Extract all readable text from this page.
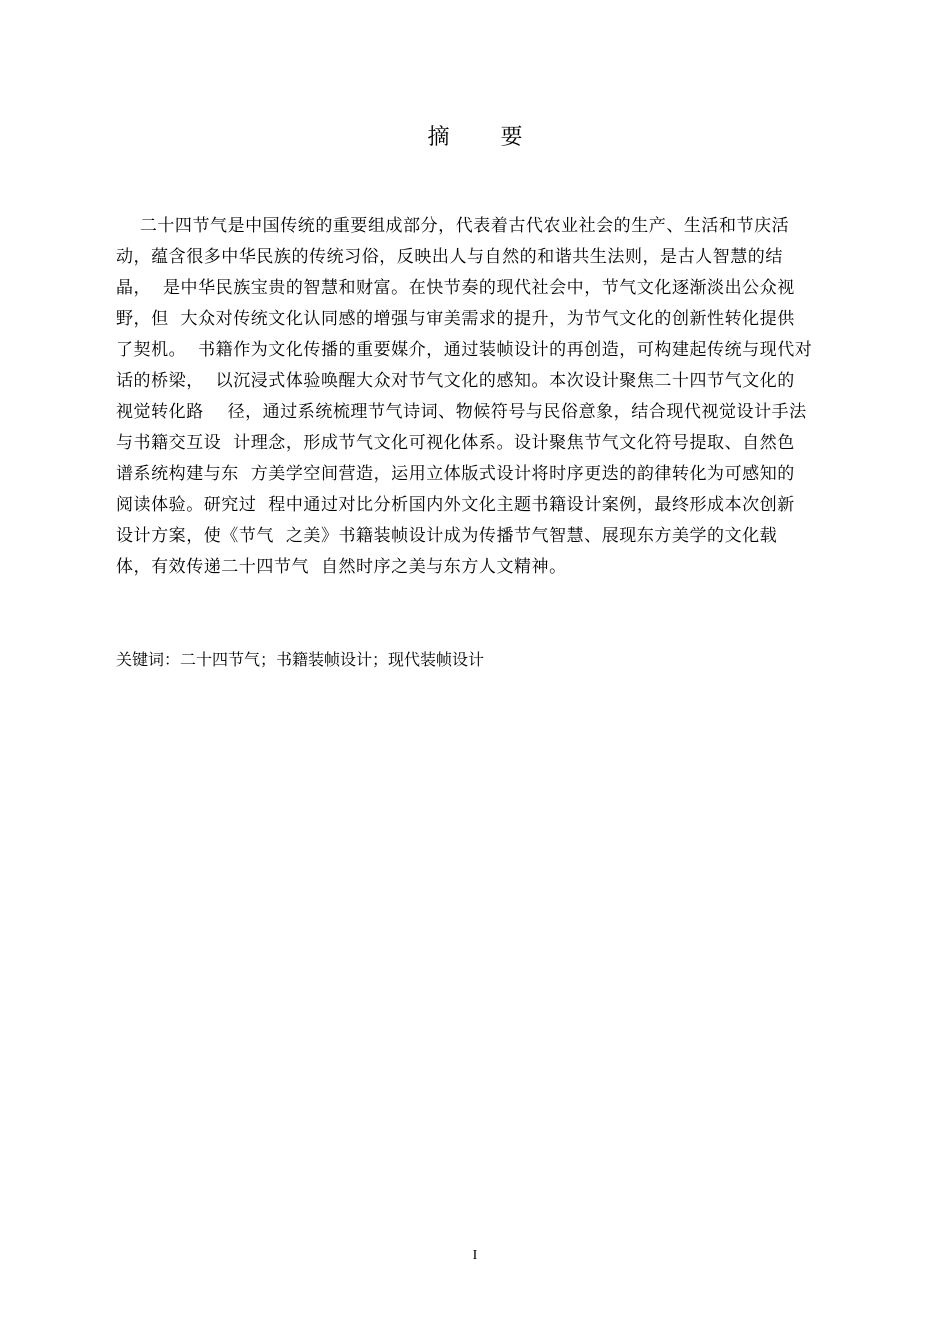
摘 要
二十四节气是中国传统的重要组成部分，代表着古代农业社会的生产、生活和节庆活
动，蕴含很多中华民族的传统习俗，反映出人与自然的和谐共生法则，是古人智慧的结
晶，  是中华民族宝贵的智慧和财富。在快节奏的现代社会中，节气文化逐渐淡出公众视
野，但  大众对传统文化认同感的增强与审美需求的提升，为节气文化的创新性转化提供
了契机。  书籍作为文化传播的重要媒介，通过装帧设计的再创造，可构建起传统与现代对
话的桥梁，  以沉浸式体验唤醒大众对节气文化的感知。本次设计聚焦二十四节气文化的
视觉转化路    径，通过系统梳理节气诗词、物候符号与民俗意象，结合现代视觉设计手法
与书籍交互设  计理念，形成节气文化可视化体系。设计聚焦节气文化符号提取、自然色
谱系统构建与东  方美学空间营造，运用立体版式设计将时序更迭的韵律转化为可感知的
阅读体验。研究过  程中通过对比分析国内外文化主题书籍设计案例，最终形成本次创新
设计方案，使《节气  之美》书籍装帧设计成为传播节气智慧、展现东方美学的文化载
体，有效传递二十四节气  自然时序之美与东方人文精神。
关键词：二十四节气；书籍装帧设计；现代装帧设计
I
